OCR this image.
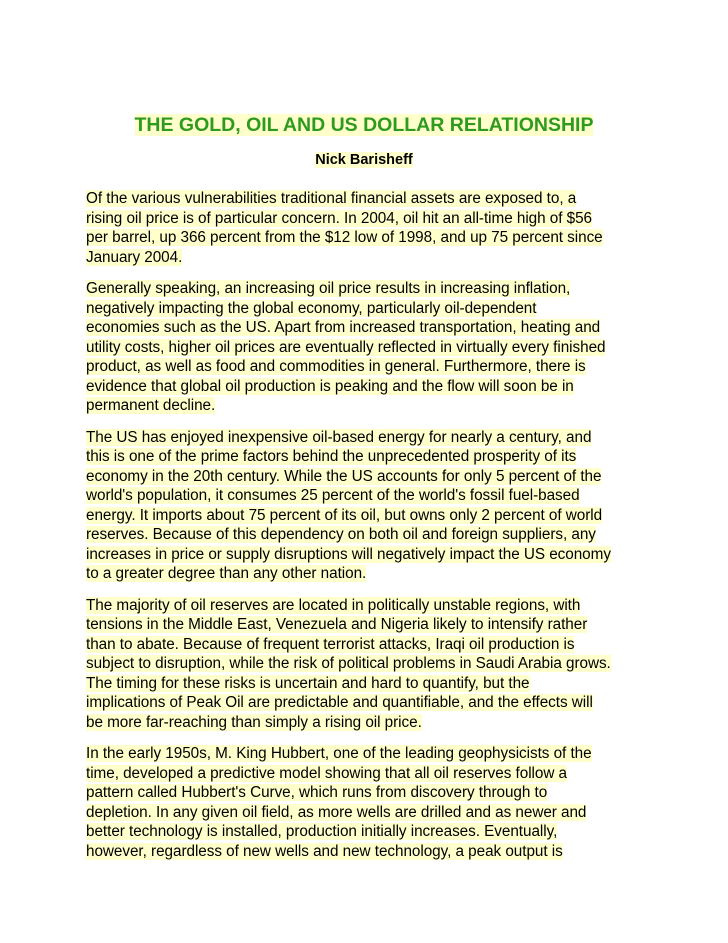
THE GOLD, OIL AND US DOLLAR RELATIONSHIP
Nick Barisheff
Of the various vulnerabilities traditional financial assets are exposed to, a
rising oil price is of particular concern. In 2004, oil hit an all-time high of $56
per barrel, up 366 percent from the $12 low of 1998, and up 75 percent since
January 2004.
Generally speaking, an increasing oil price results in increasing inflation,
negatively impacting the global economy, particularly oil-dependent
economies such as the US. Apart from increased transportation, heating and
utility costs, higher oil prices are eventually reflected in virtually every finished
product, as well as food and commodities in general. Furthermore, there is
evidence that global oil production is peaking and the flow will soon be in
permanent decline.
The US has enjoyed inexpensive oil-based energy for nearly a century, and
this is one of the prime factors behind the unprecedented prosperity of its
economy in the 20th century. While the US accounts for only 5 percent of the
world's population, it consumes 25 percent of the world's fossil fuel-based
energy. It imports about 75 percent of its oil, but owns only 2 percent of world
reserves. Because of this dependency on both oil and foreign suppliers, any
increases in price or supply disruptions will negatively impact the US economy
to a greater degree than any other nation.
The majority of oil reserves are located in politically unstable regions, with
tensions in the Middle East, Venezuela and Nigeria likely to intensify rather
than to abate. Because of frequent terrorist attacks, Iraqi oil production is
subject to disruption, while the risk of political problems in Saudi Arabia grows.
The timing for these risks is uncertain and hard to quantify, but the
implications of Peak Oil are predictable and quantifiable, and the effects will
be more far-reaching than simply a rising oil price.
In the early 1950s, M. King Hubbert, one of the leading geophysicists of the
time, developed a predictive model showing that all oil reserves follow a
pattern called Hubbert's Curve, which runs from discovery through to
depletion. In any given oil field, as more wells are drilled and as newer and
better technology is installed, production initially increases. Eventually,
however, regardless of new wells and new technology, a peak output is
